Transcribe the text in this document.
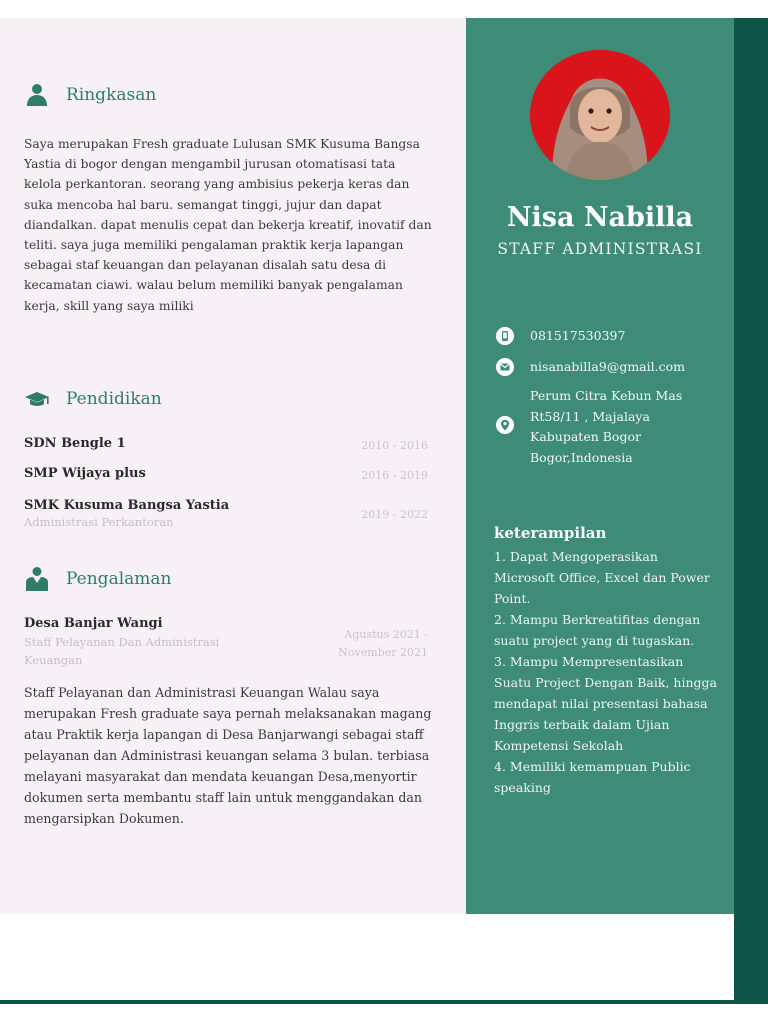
Ringkasan
Saya merupakan Fresh graduate Lulusan SMK Kusuma Bangsa Yastia di bogor dengan mengambil jurusan otomatisasi tata kelola perkantoran. seorang yang ambisius pekerja keras dan suka mencoba hal baru. semangat tinggi, jujur dan dapat diandalkan. dapat menulis cepat dan bekerja kreatif, inovatif dan teliti. saya juga memiliki pengalaman praktik kerja lapangan sebagai staf keuangan dan pelayanan disalah satu desa di kecamatan ciawi. walau belum memiliki banyak pengalaman kerja, skill yang saya miliki
Pendidikan
SDN Bengle 1	2010 - 2016
SMP Wijaya plus	2016 - 2019
SMK Kusuma Bangsa Yastia
Administrasi Perkantoran
2019 - 2022
Pengalaman
Desa Banjar Wangi
Staff Pelayanan Dan Administrasi Keuangan
Agustus 2021 - November 2021
Staff Pelayanan dan Administrasi Keuangan Walau saya merupakan Fresh graduate saya pernah melaksanakan magang atau Praktik kerja lapangan di Desa Banjarwangi sebagai staff pelayanan dan Administrasi keuangan selama 3 bulan. terbiasa melayani masyarakat dan mendata keuangan Desa,menyortir dokumen serta membantu staff lain untuk menggandakan dan mengarsipkan Dokumen.
Nisa Nabilla
STAFF ADMINISTRASI
081517530397
nisanabilla9@gmail.com
Perum Citra Kebun Mas
Rt58/11 , Majalaya
Kabupaten Bogor
Bogor,Indonesia
keterampilan
1. Dapat Mengoperasikan Microsoft Office, Excel dan Power Point.
2. Mampu Berkreatifitas dengan suatu project yang di tugaskan.
3. Mampu Mempresentasikan Suatu Project Dengan Baik, hingga mendapat nilai presentasi bahasa Inggris terbaik dalam Ujian Kompetensi Sekolah
4. Memiliki kemampuan Public speaking
